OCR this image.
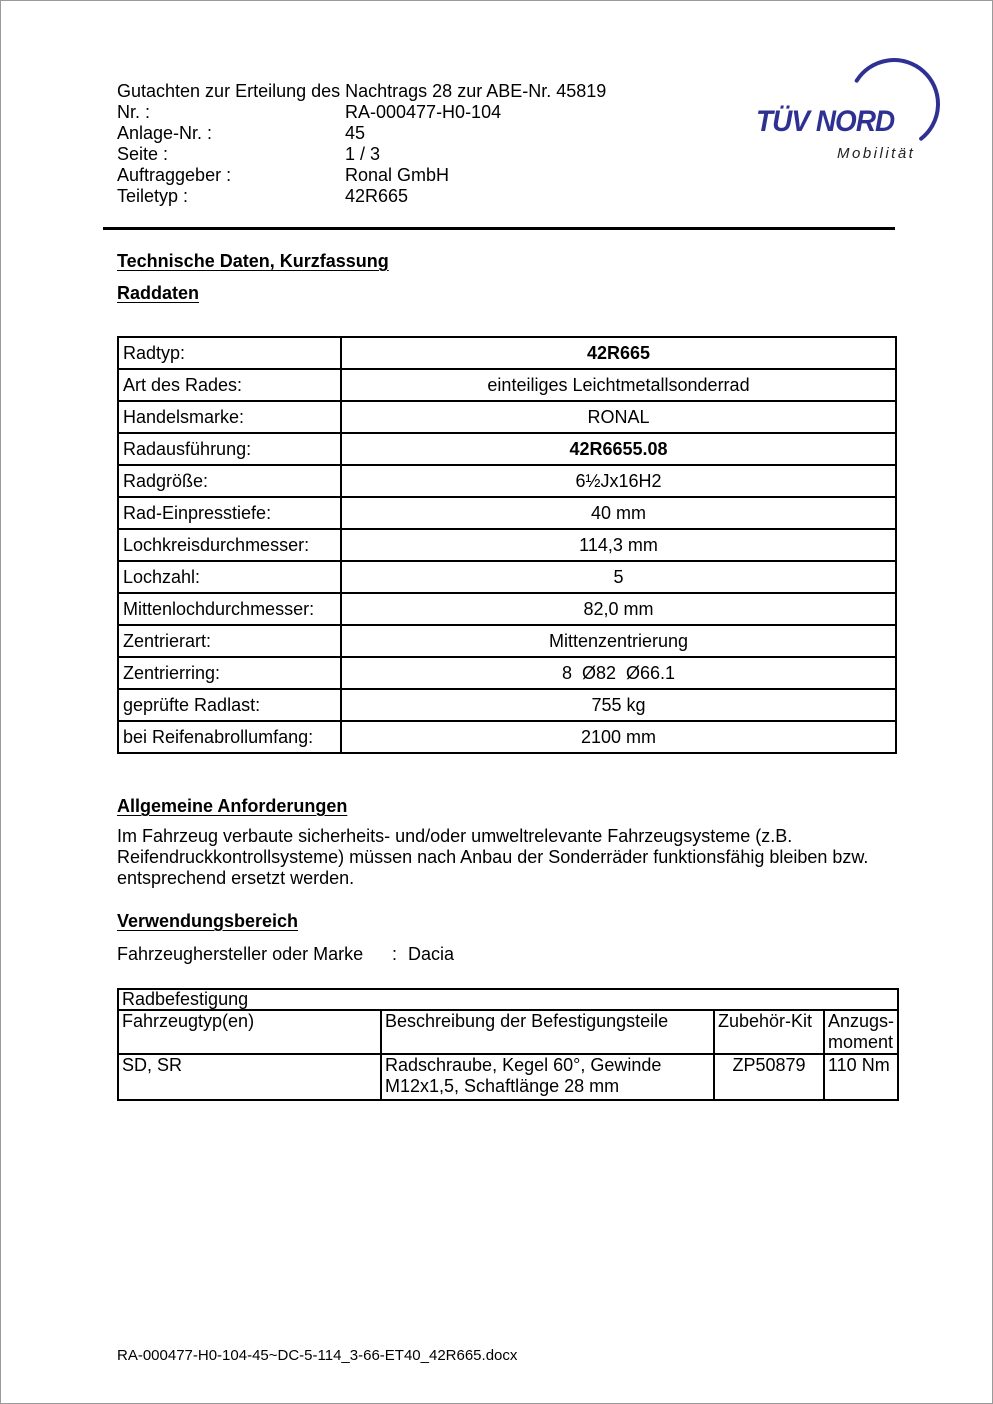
Gutachten zur Erteilung des Nachtrags 28 zur ABE-Nr. 45819
Nr. :	RA-000477-H0-104
Anlage-Nr. :	45
Seite :	1 / 3
Auftraggeber :	Ronal GmbH
Teiletyp :	42R665
TÜV NORD
Mobilität
Technische Daten, Kurzfassung
Raddaten
Radtyp:	42R665
Art des Rades:	einteiliges Leichtmetallsonderrad
Handelsmarke:	RONAL
Radausführung:	42R6655.08
Radgröße:	6½Jx16H2
Rad-Einpresstiefe:	40 mm
Lochkreisdurchmesser:	114,3 mm
Lochzahl:	5
Mittenlochdurchmesser:	82,0 mm
Zentrierart:	Mittenzentrierung
Zentrierring:	8  Ø82  Ø66.1
geprüfte Radlast:	755 kg
bei Reifenabrollumfang:	2100 mm
Allgemeine Anforderungen
Im Fahrzeug verbaute sicherheits- und/oder umweltrelevante Fahrzeugsysteme (z.B. Reifendruckkontrollsysteme) müssen nach Anbau der Sonderräder funktionsfähig bleiben bzw. entsprechend ersetzt werden.
Verwendungsbereich
Fahrzeughersteller oder Marke	: Dacia
Radbefestigung			
Fahrzeugtyp(en)	Beschreibung der Befestigungsteile	Zubehör-Kit	Anzugs-moment
SD, SR	Radschraube, Kegel 60°, Gewinde M12x1,5, Schaftlänge 28 mm	ZP50879	110 Nm
RA-000477-H0-104-45~DC-5-114_3-66-ET40_42R665.docx
